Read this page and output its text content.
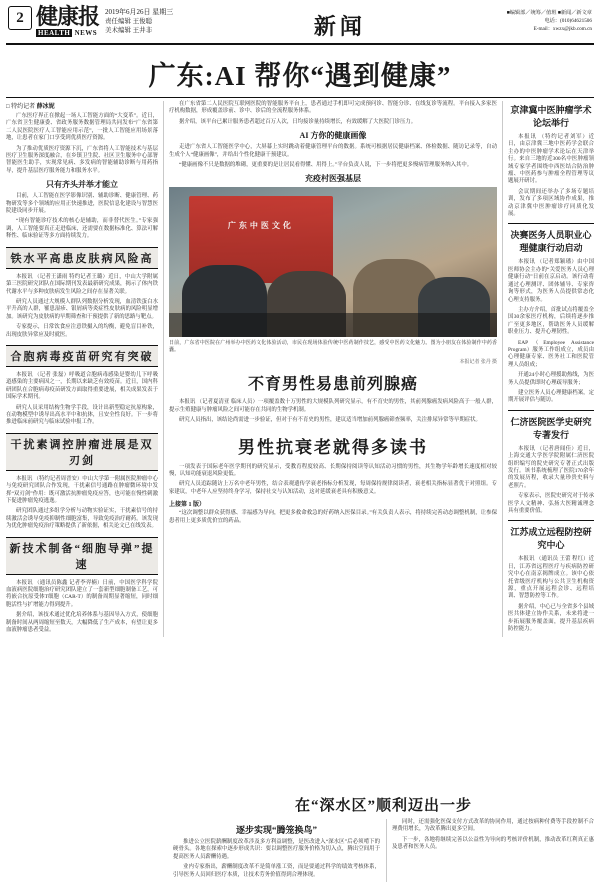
2 健康报
HEALTH NEWS
2019年6月26日 星期三
责任编辑 王俊聪
美术编辑 王井非	新闻
■编辑部／统筹／值班 ■新闻／新文章
电话：(010)64621506
E-mail：xwzx@jkb.com.cn
广东:AI 帮你“遇到健康”
□ 特约记者 薛冰妮

广东医疗界正在掀起一场人工智能方面的“大变革”。近日，广东省卫生健康委、省政务服务数据管理局共同发布“广东省第二人民医院医疗人工智能应用示范”，一批人工智能应用场景落地，让患者在家门口享受到优质医疗资源。

为了推动优质医疗资源下沉，广东省将人工智能技术与基层医疗卫生服务深度融合，在乡镇卫生院、社区卫生服务中心部署智能医生助手，实现常见病、多发病的智能辅助诊断与用药指导，提升基层医疗服务能力和服务水平。

只有齐头并举才能立

目前，人工智能在医学影像识别、辅助诊断、健康管理、药物研发等多个领域的应用正快速推进，医院信息化建设与智慧医院建设同步开展。

“现有智能诊疗技术的核心是辅助，而非替代医生。”专家强调，人工智能要真正走进临床，还需要在数据标准化、算法可解释性、临床验证等多方面持续发力。

铁水平高患皮肤病风险高

本报讯 （记者王潇雨 特约记者王璐）近日，中山大学附属第三医院研究团队在国际期刊发表最新研究成果，揭示了体内铁代谢水平与多种皮肤病发生风险之间存在显著关联。

研究人员通过大规模人群队列数据分析发现，血清铁蛋白水平升高的人群，罹患湿疹、银屑病等炎症性皮肤病的风险明显增加。该研究为皮肤病的早期筛查和干预提供了新的思路与靶点。

专家提示，日常饮食应注意铁摄入的均衡，避免盲目补铁，出现皮肤异常应及时就医。

合胞病毒疫苗研究有突破

本报讯 （记者 张磊）呼吸道合胞病毒感染是婴幼儿下呼吸道感染的主要病因之一，长期以来缺乏有效疫苗。近日，国内科研团队在合胞病毒疫苗研发方面取得重要进展，相关成果发表于国际学术期刊。

研究人员采用结构生物学手段，设计出新型稳定抗原构象，在动物模型中诱导出高水平中和抗体，且安全性良好。下一步将推进临床前研究与临床试验申报工作。

干扰素调控肿瘤进展是双刃剑

本报讯 （特约记者周晋安）中山大学第一附属医院肿瘤中心与免疫研究团队合作发现，干扰素信号通路在肿瘤微环境中发挥“双刃剑”作用：既可激活抗肿瘤免疫应答，也可能在慢性刺激下促进肿瘤免疫逃逸。

研究团队通过多组学分析与动物实验证实，干扰素信号的持续激活会诱导免疫抑制性细胞富集，导致免疫治疗耐药。该发现为优化肿瘤免疫治疗策略提供了新依据，相关论文已在线发表。

新技术制备“细胞导弹”提速

本报讯 （通讯员陈鑫 记者李羿楠）日前，中国医学科学院血液病医院细胞治疗研究团队建立了一套新型细胞制备工艺，可将嵌合抗原受体T细胞（CAR-T）的制备周期显著缩短，同时细胞活性与扩增能力得到提升。

据介绍，该技术通过优化培养体系与基因导入方式，使细胞制备时间从两周缩短至数天，大幅降低了生产成本，有望让更多血液肿瘤患者受益。

在广东省第二人民医院互联网医院的智能服务平台上，患者通过手机即可完成预问诊、智能分诊、在线复诊等流程。平台接入多家医疗机构数据，形成覆盖诊前、诊中、诊后的全流程服务体系。

据介绍，该平台已累计服务患者超过百万人次，日均接诊量持续增长，有效缓解了大医院门诊压力。

AI 方你的健康画像

走进广东省人工智能医学中心，大屏幕上实时跳动着健康管理平台的数据。系统可根据居民健康档案、体检数据、随访记录等，自动生成个人“健康画像”，并给出个性化健康干预建议。

“健康画像不只是数据的堆砌，更重要的是让居民看得懂、用得上。”平台负责人说，下一步将把更多慢病管理服务纳入其中。

充疫村医强基层
广东中医文化
日前，广东省中医院在广州举办中医药文化体验活动，市民在现场体验传统中医药制作技艺，感受中医药文化魅力。图为小朋友在体验制作中药香囊。
本报记者 张丹 摄
不育男性易患前列腺癌

本报讯 （记者夏清亚 临床人员）一项覆盖数十万男性的大规模队列研究显示，有不育史的男性，其前列腺癌发病风险高于一般人群，提示生殖健康与肿瘤风险之间可能存在共同的生物学机制。

研究人员指出，该结论尚需进一步验证，但对于有不育史的男性，建议适当增加前列腺癌筛查频率，关注排尿异常等早期症状。

男性抗衰老就得多读书

一项发表于国际老年医学期刊的研究显示，受教育程度较高、长期保持阅读等认知活动习惯的男性，其生物学年龄增长速度相对较慢，认知功能衰退风险更低。

研究人员追踪随访上万名中老年男性，结合表观遗传学衰老指标分析发现，每周保持规律阅读者，衰老相关指标显著优于对照组。专家建议，中老年人应坚持终身学习，保持社交与认知活动，这对延缓衰老具有积极意义。

上接第 1 版）

“这次调整以群众获得感、幸福感为导向，把更多救命救急的好药纳入医保目录。”有关负责人表示，将持续完善动态调整机制，让参保患者用上更多质优价宜的药品。

京津冀中医肿瘤学术论坛举行

本报讯 （特约记者刘军）近日，由京津冀三地中医药学会联合主办的中医肿瘤学术论坛在天津举行。来自三地的近300名中医肿瘤领域专家学者围绕中西医结合防治肿瘤、中医药参与肿瘤全程管理等议题展开研讨。

会议期间还举办了多场专题培训，发布了多项区域协作成果，推动京津冀中医肿瘤诊疗同质化发展。

决赛医务人员职业心理健康行动启动

本报讯 （记者郑颖璠）由中国医师协会主办的“关爱医务人员心理健康行动”日前在京启动。该行动将通过心理测评、团体辅导、专家咨询等形式，为医务人员提供常态化心理支持服务。

主办方介绍，首批试点将覆盖全国30余家医疗机构，后续将逐步推广至更多地区，帮助医务人员缓解职业压力、提升心理韧性。

EAP（Employee Assistance Program）服务工作组成立，成员由心理健康专家、医务社工和医院管理人员组成；

开通24小时心理援助热线，为医务人员提供即时心理疏导服务；

建立医务人员心理健康档案，定期开展评估与随访。

仁济医院医学史研究专著发行

本报讯 （记者唐闻佳）近日，上海交通大学医学院附属仁济医院组织编写的院史研究专著正式出版发行。该书系统梳理了医院170余年的发展历程，收录大量珍贵史料与老照片。

专家表示，医院史研究对于传承医学人文精神、弘扬大医精诚理念具有重要价值。

江苏成立远程防控研究中心

本报讯 （通讯员 王蕾 程红）近日，江苏省远程医疗与疾病防控研究中心在南京揭牌成立。该中心依托省级医疗机构与公共卫生机构资源，重点开展远程会诊、远程培训、智慧防控等工作。

据介绍，中心已与全省多个县域医共体建立协作关系，未来将进一步拓展服务覆盖面，提升基层疾病防控能力。

在“深水区”顺利迈出一步
逐步实现“腾笼换鸟”

推进公立医院薪酬制度改革涉及多方利益调整，是医改进入“深水区”后必须啃下的硬骨头。各地在探索中逐步形成共识：要以调整医疗服务价格为切入点，腾出空间用于提高医务人员薪酬待遇。

业内专家指出，薪酬制度改革不是简单涨工资，而是要通过科学的绩效考核体系，引导医务人员回归医疗本质，让技术劳务价值得到合理体现。

同时，还需强化医保支付方式改革的协同作用，通过按病种付费等手段控制不合理费用增长，为改革腾出更多空间。

下一步，各地将继续完善以公益性为导向的考核评价机制，推动改革红利真正惠及患者和医务人员。
